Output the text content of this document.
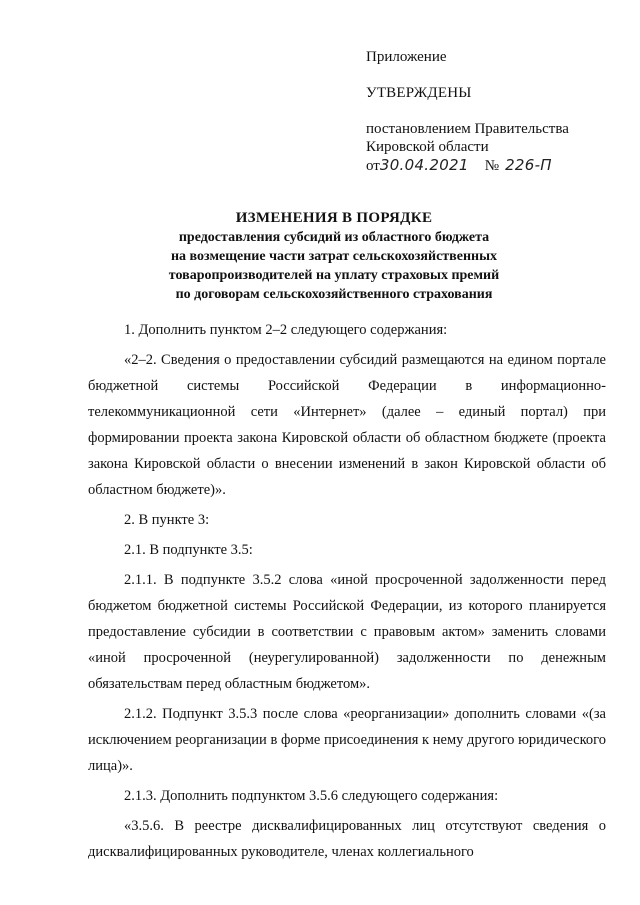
Приложение
УТВЕРЖДЕНЫ
постановлением Правительства
Кировской области
от30.04.2021 № 226-П
ИЗМЕНЕНИЯ В ПОРЯДКЕ
предоставления субсидий из областного бюджета
на возмещение части затрат сельскохозяйственных
товаропроизводителей на уплату страховых премий
по договорам сельскохозяйственного страхования

1. Дополнить пунктом 2–2 следующего содержания:

«2–2. Сведения о предоставлении субсидий размещаются на едином портале бюджетной системы Российской Федерации в информационно-телекоммуникационной сети «Интернет» (далее – единый портал) при формировании проекта закона Кировской области об областном бюджете (проекта закона Кировской области о внесении изменений в закон Кировской области об областном бюджете)».

2. В пункте 3:

2.1. В подпункте 3.5:

2.1.1. В подпункте 3.5.2 слова «иной просроченной задолженности перед бюджетом бюджетной системы Российской Федерации, из которого планируется предоставление субсидии в соответствии с правовым актом» заменить словами «иной просроченной (неурегулированной) задолженности по денежным обязательствам перед областным бюджетом».

2.1.2. Подпункт 3.5.3 после слова «реорганизации» дополнить словами «(за исключением реорганизации в форме присоединения к нему другого юридического лица)».

2.1.3. Дополнить подпунктом 3.5.6 следующего содержания:

«3.5.6. В реестре дисквалифицированных лиц отсутствуют сведения о дисквалифицированных руководителе, членах коллегиального
